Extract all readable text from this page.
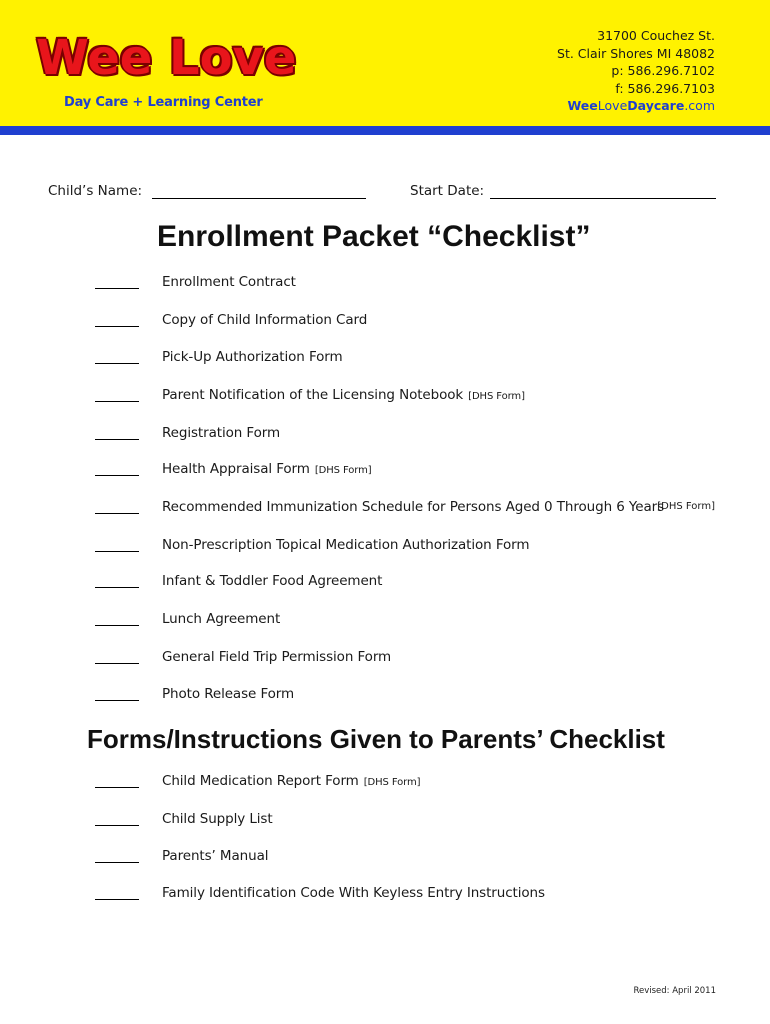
Wee Love
Day Care + Learning Center
31700 Couchez St.
St. Clair Shores MI 48082
p: 586.296.7102
f: 586.296.7103
WeeLoveDaycare.com
Child’s Name:	Start Date:
Enrollment Packet “Checklist”
Enrollment Contract
Copy of Child Information Card
Pick-Up Authorization Form
Parent Notification of the Licensing Notebook [DHS Form]
Registration Form
Health Appraisal Form [DHS Form]
Recommended Immunization Schedule for Persons Aged 0 Through 6 Years
[DHS Form]
Non-Prescription Topical Medication Authorization Form
Infant & Toddler Food Agreement
Lunch Agreement
General Field Trip Permission Form
Photo Release Form
Forms/Instructions Given to Parents’ Checklist
Child Medication Report Form [DHS Form]
Child Supply List
Parents’ Manual
Family Identification Code With Keyless Entry Instructions
Revised: April 2011
